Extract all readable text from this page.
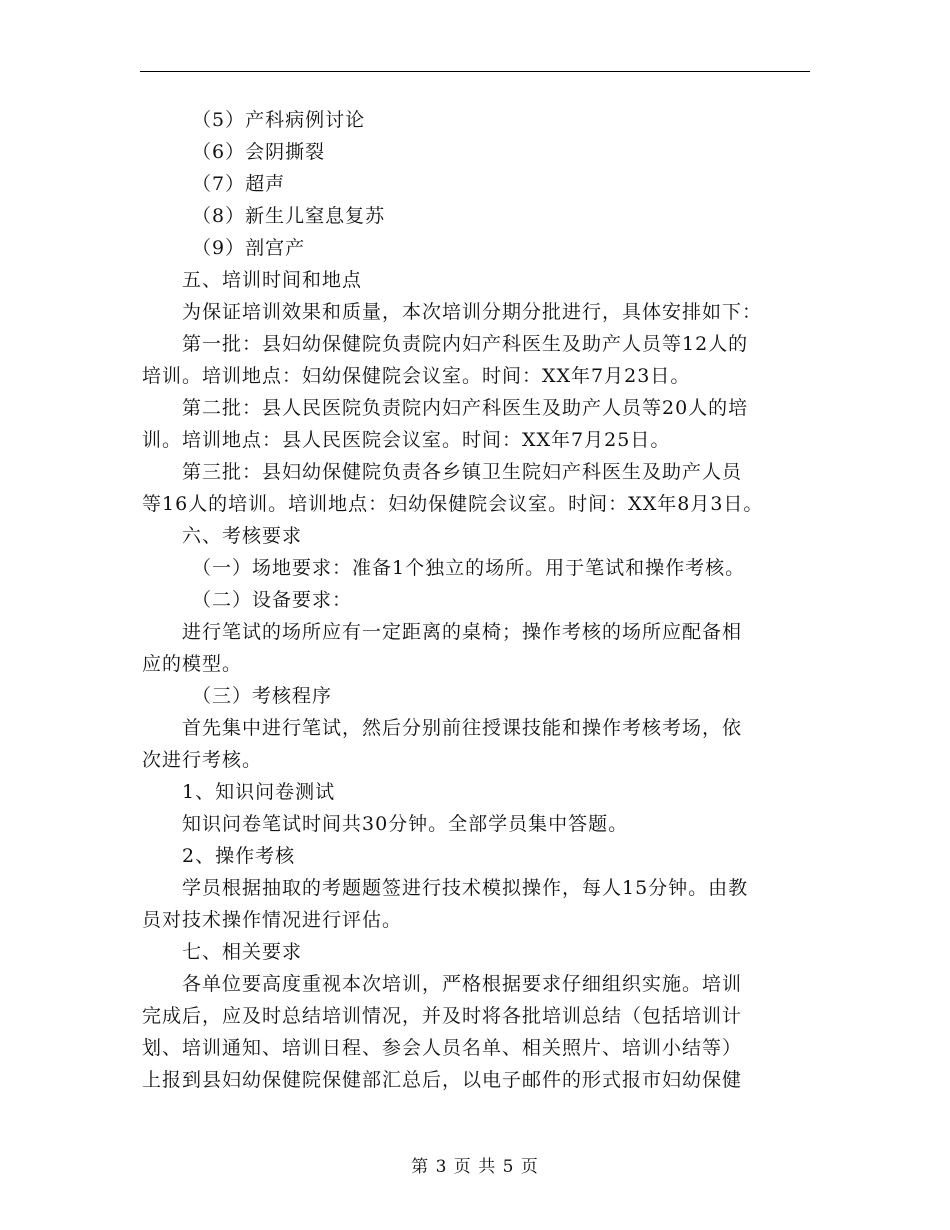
（5）产科病例讨论
（6）会阴撕裂
（7）超声
（8）新生儿窒息复苏
（9）剖宫产
五、培训时间和地点
为保证培训效果和质量，本次培训分期分批进行，具体安排如下：
第一批：县妇幼保健院负责院内妇产科医生及助产人员等12人的
培训。培训地点：妇幼保健院会议室。时间：XX年7月23日。
第二批：县人民医院负责院内妇产科医生及助产人员等20人的培
训。培训地点：县人民医院会议室。时间：XX年7月25日。
第三批：县妇幼保健院负责各乡镇卫生院妇产科医生及助产人员
等16人的培训。培训地点：妇幼保健院会议室。时间：XX年8月3日。
六、考核要求
（一）场地要求：准备1个独立的场所。用于笔试和操作考核。
（二）设备要求：
进行笔试的场所应有一定距离的桌椅；操作考核的场所应配备相
应的模型。
（三）考核程序
首先集中进行笔试，然后分别前往授课技能和操作考核考场，依
次进行考核。
1、知识问卷测试
知识问卷笔试时间共30分钟。全部学员集中答题。
2、操作考核
学员根据抽取的考题题签进行技术模拟操作，每人15分钟。由教
员对技术操作情况进行评估。
七、相关要求
各单位要高度重视本次培训，严格根据要求仔细组织实施。培训
完成后，应及时总结培训情况，并及时将各批培训总结（包括培训计
划、培训通知、培训日程、参会人员名单、相关照片、培训小结等）
上报到县妇幼保健院保健部汇总后，以电子邮件的形式报市妇幼保健
第 3 页 共 5 页
